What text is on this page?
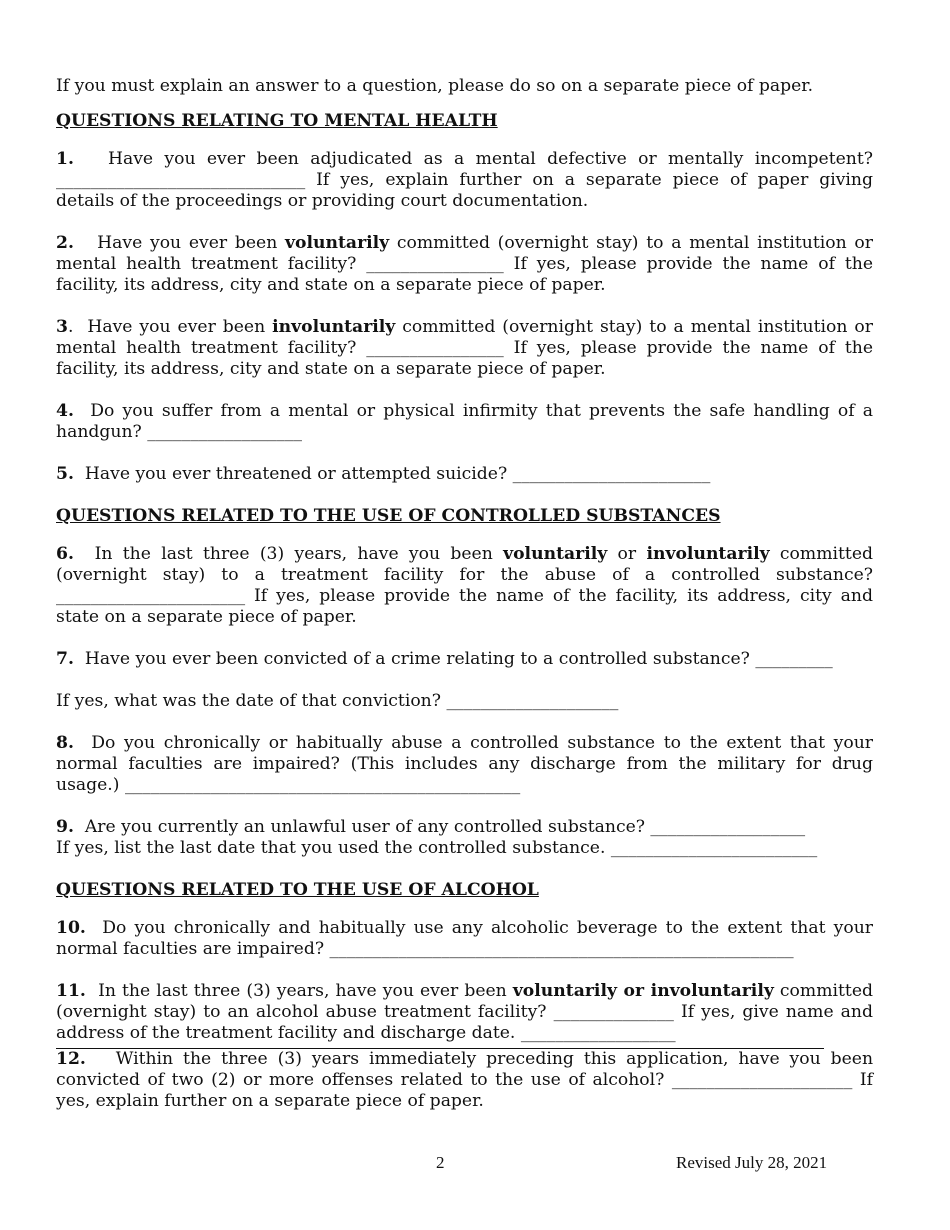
If you must explain an answer to a question, please do so on a separate piece of paper.

QUESTIONS RELATING TO MENTAL HEALTH

1. Have you ever been adjudicated as a mental defective or mentally incompetent? _____________________________ If yes, explain further on a separate piece of paper giving details of the proceedings or providing court documentation.

2. Have you ever been voluntarily committed (overnight stay) to a mental institution or mental health treatment facility? ________________ If yes, please provide the name of the facility, its address, city and state on a separate piece of paper.

3. Have you ever been involuntarily committed (overnight stay) to a mental institution or mental health treatment facility? ________________ If yes, please provide the name of the facility, its address, city and state on a separate piece of paper.

4. Do you suffer from a mental or physical infirmity that prevents the safe handling of a handgun? __________________

5. Have you ever threatened or attempted suicide? _______________________

QUESTIONS RELATED TO THE USE OF CONTROLLED SUBSTANCES

6. In the last three (3) years, have you been voluntarily or involuntarily committed (overnight stay) to a treatment facility for the abuse of a controlled substance? ______________________ If yes, please provide the name of the facility, its address, city and state on a separate piece of paper.

7. Have you ever been convicted of a crime relating to a controlled substance? _________

If yes, what was the date of that conviction? ____________________

8. Do you chronically or habitually abuse a controlled substance to the extent that your normal faculties are impaired? (This includes any discharge from the military for drug usage.) ______________________________________________

9. Are you currently an unlawful user of any controlled substance? __________________

If yes, list the last date that you used the controlled substance. ________________________

QUESTIONS RELATED TO THE USE OF ALCOHOL

10. Do you chronically and habitually use any alcoholic beverage to the extent that your normal faculties are impaired? ______________________________________________________

11. In the last three (3) years, have you ever been voluntarily or involuntarily committed (overnight stay) to an alcohol abuse treatment facility? ______________ If yes, give name and address of the treatment facility and discharge date. __________________

12. Within the three (3) years immediately preceding this application, have you been convicted of two (2) or more offenses related to the use of alcohol? _____________________ If yes, explain further on a separate piece of paper.

2	Revised July 28, 2021
